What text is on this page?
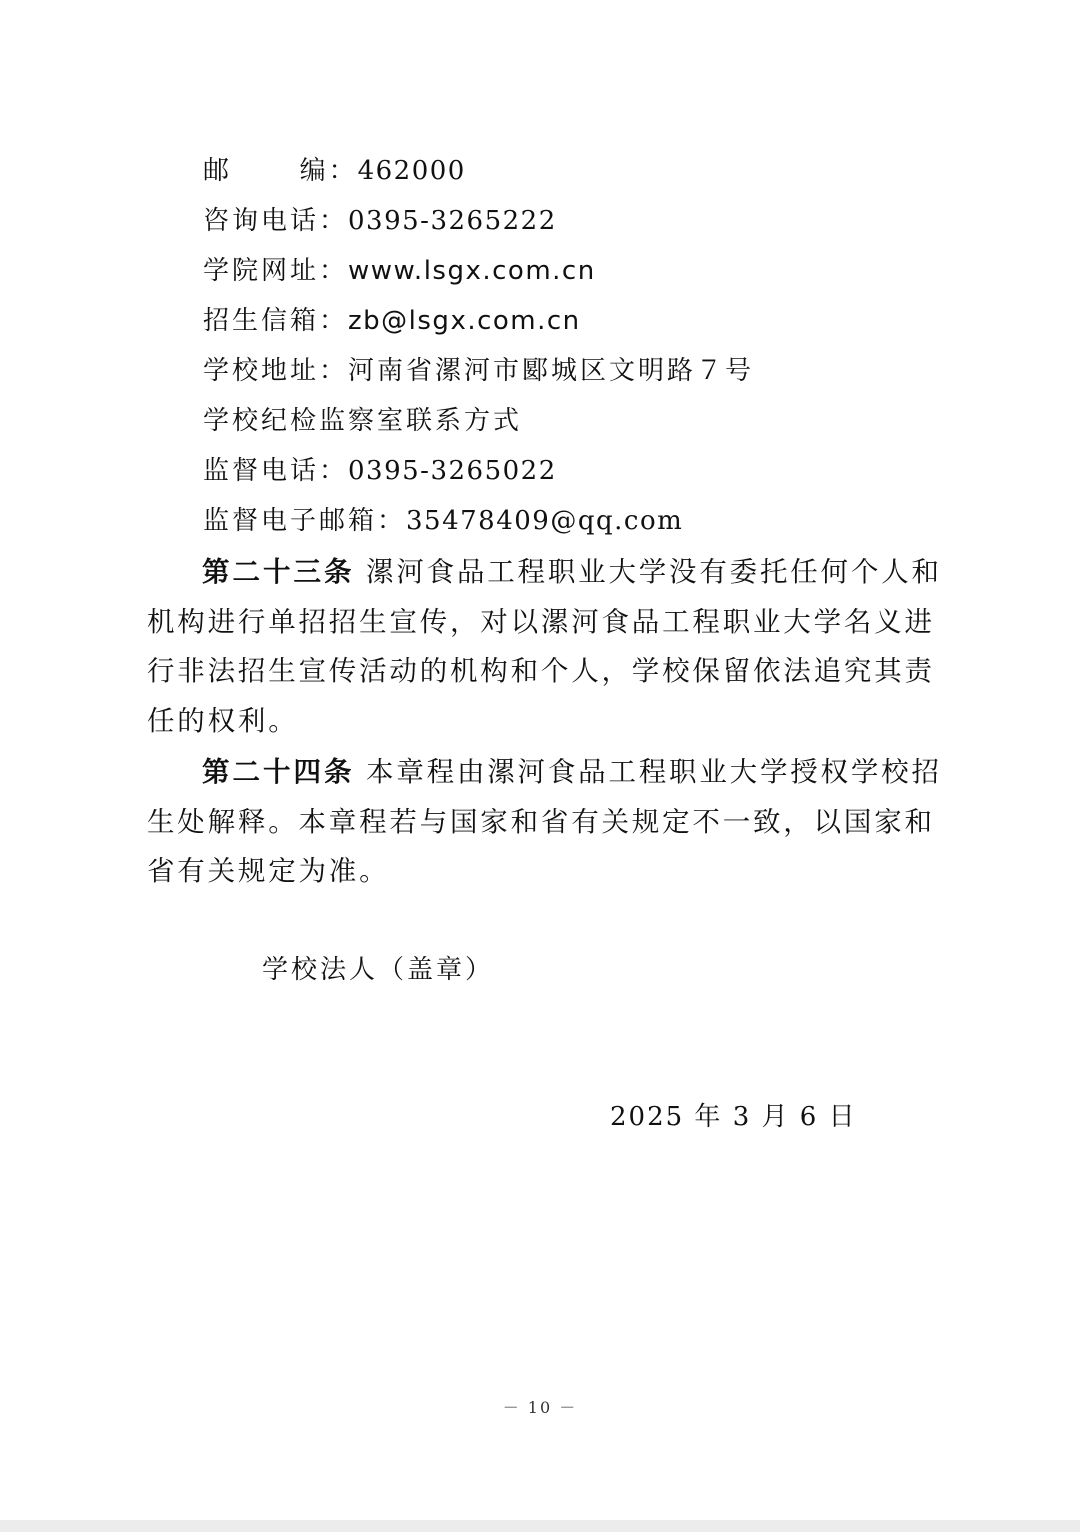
邮      编：462000
咨询电话：0395-3265222
学院网址：www.lsgx.com.cn
招生信箱：zb@lsgx.com.cn
学校地址：河南省漯河市郾城区文明路７号
学校纪检监察室联系方式
监督电话：0395-3265022
监督电子邮箱：35478409@qq.com

第二十三条 漯河食品工程职业大学没有委托任何个人和机构进行单招招生宣传，对以漯河食品工程职业大学名义进行非法招生宣传活动的机构和个人，学校保留依法追究其责任的权利。

第二十四条 本章程由漯河食品工程职业大学授权学校招生处解释。本章程若与国家和省有关规定不一致，以国家和省有关规定为准。

学校法人（盖章）
2025 年 3 月 6 日
－ 10 －
